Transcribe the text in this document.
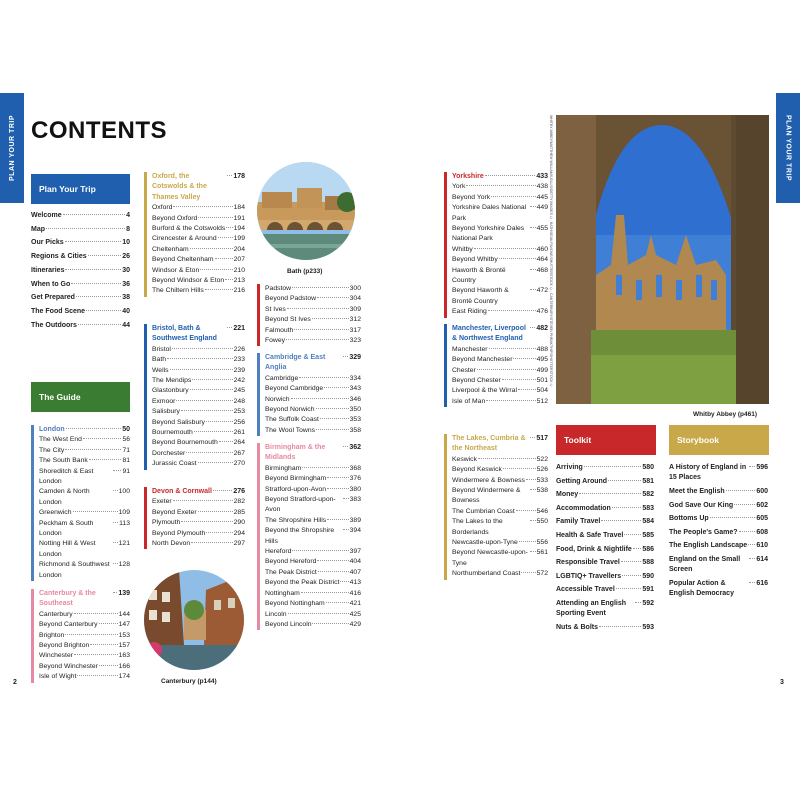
PLAN YOUR TRIP	PLAN YOUR TRIP
CONTENTS
Plan Your Trip
Welcome	4
Map	8
Our Picks	10
Regions & Cities	26
Itineraries	30
When to Go	36
Get Prepared	38
The Food Scene	40
The Outdoors	44
The Guide
London	50
The West End	56
The City	71
The South Bank	81
Shoreditch & East London
91
Camden & North London
100
Greenwich	109
Peckham & South London
113
Notting Hill & West London
121
Richmond & Southwest London
128
Canterbury & the Southeast
139
Canterbury	144
Beyond Canterbury	147
Brighton	153
Beyond Brighton	157
Winchester	163
Beyond Winchester	166
Isle of Wight	174
Oxford, the Cotswolds & the Thames Valley
178
Oxford	184
Beyond Oxford	191
Burford & the Cotswolds 194
Cirencester & Around	199
Cheltenham	204
Beyond Cheltenham	207
Windsor & Eton	210
Beyond Windsor & Eton 213
The Chiltern Hills	216
Bristol, Bath & Southwest England
221
Bristol	226
Bath	233
Wells	239
The Mendips	242
Glastonbury	245
Exmoor	248
Salisbury	253
Beyond Salisbury	256
Bournemouth	261
Beyond Bournemouth 264
Dorchester	267
Jurassic Coast	270
Devon & Cornwall	276
Exeter	282
Beyond Exeter	285
Plymouth	290
Beyond Plymouth	294
North Devon	297
Bath (p233)
Padstow	300
Beyond Padstow	304
St Ives	309
Beyond St Ives	312
Falmouth	317
Fowey	323
Cambridge & East Anglia
329
Cambridge	334
Beyond Cambridge	343
Norwich	346
Beyond Norwich	350
The Suffolk Coast	353
The Wool Towns	358
Birmingham & the Midlands
362
Birmingham	368
Beyond Birmingham	376
Stratford-upon-Avon	380
Beyond Stratford-upon-Avon
383
The Shropshire Hills	389
Beyond the Shropshire Hills
394
Hereford	397
Beyond Hereford	404
The Peak District	407
Beyond the Peak District 413
Nottingham	416
Beyond Nottingham	421
Lincoln	425
Beyond Lincoln	429
Canterbury (p144)
2	3
Yorkshire	433
York	438
Beyond York	445
Yorkshire Dales National Park
449
Beyond Yorkshire Dales National Park
455
Whitby	460
Beyond Whitby	464
Haworth & Brontë Country
468
Beyond Haworth & Brontë Country
472
East Riding	476
Manchester, Liverpool & Northwest England
482
Manchester	488
Beyond Manchester	495
Chester	499
Beyond Chester	501
Liverpool & the Wirral	504
Isle of Man	512
The Lakes, Cumbria & the Northeast
517
Keswick	522
Beyond Keswick	526
Windermere & Bowness 533
Beyond Windermere & Bowness
538
The Cumbrian Coast	546
The Lakes to the Borderlands
550
Newcastle-upon-Tyne	556
Beyond Newcastle-upon-Tyne
561
Northumberland Coast 572
WHITBY ABBEY/MATTHEW WILLIAMS-ELLIS/GETTY IMAGES ©; BATH/SEAN PAVONE/SHUTTERSTOCK ©; CANTERBURY/STEVEN PHRAKTHIP/SHUTTERSTOCK ©
Whitby Abbey (p461)
Toolkit
Arriving	580
Getting Around	581
Money	582
Accommodation	583
Family Travel	584
Health & Safe Travel	585
Food, Drink & Nightlife 586
Responsible Travel	588
LGBTIQ+ Travellers	590
Accessible Travel	591
Attending an English Sporting Event
592
Nuts & Bolts	593
Storybook
A History of England in 15 Places
596
Meet the English	600
God Save Our King	602
Bottoms Up	605
The People's Game?	608
The English Landscape 610
England on the Small Screen
614
Popular Action & English Democracy
616
